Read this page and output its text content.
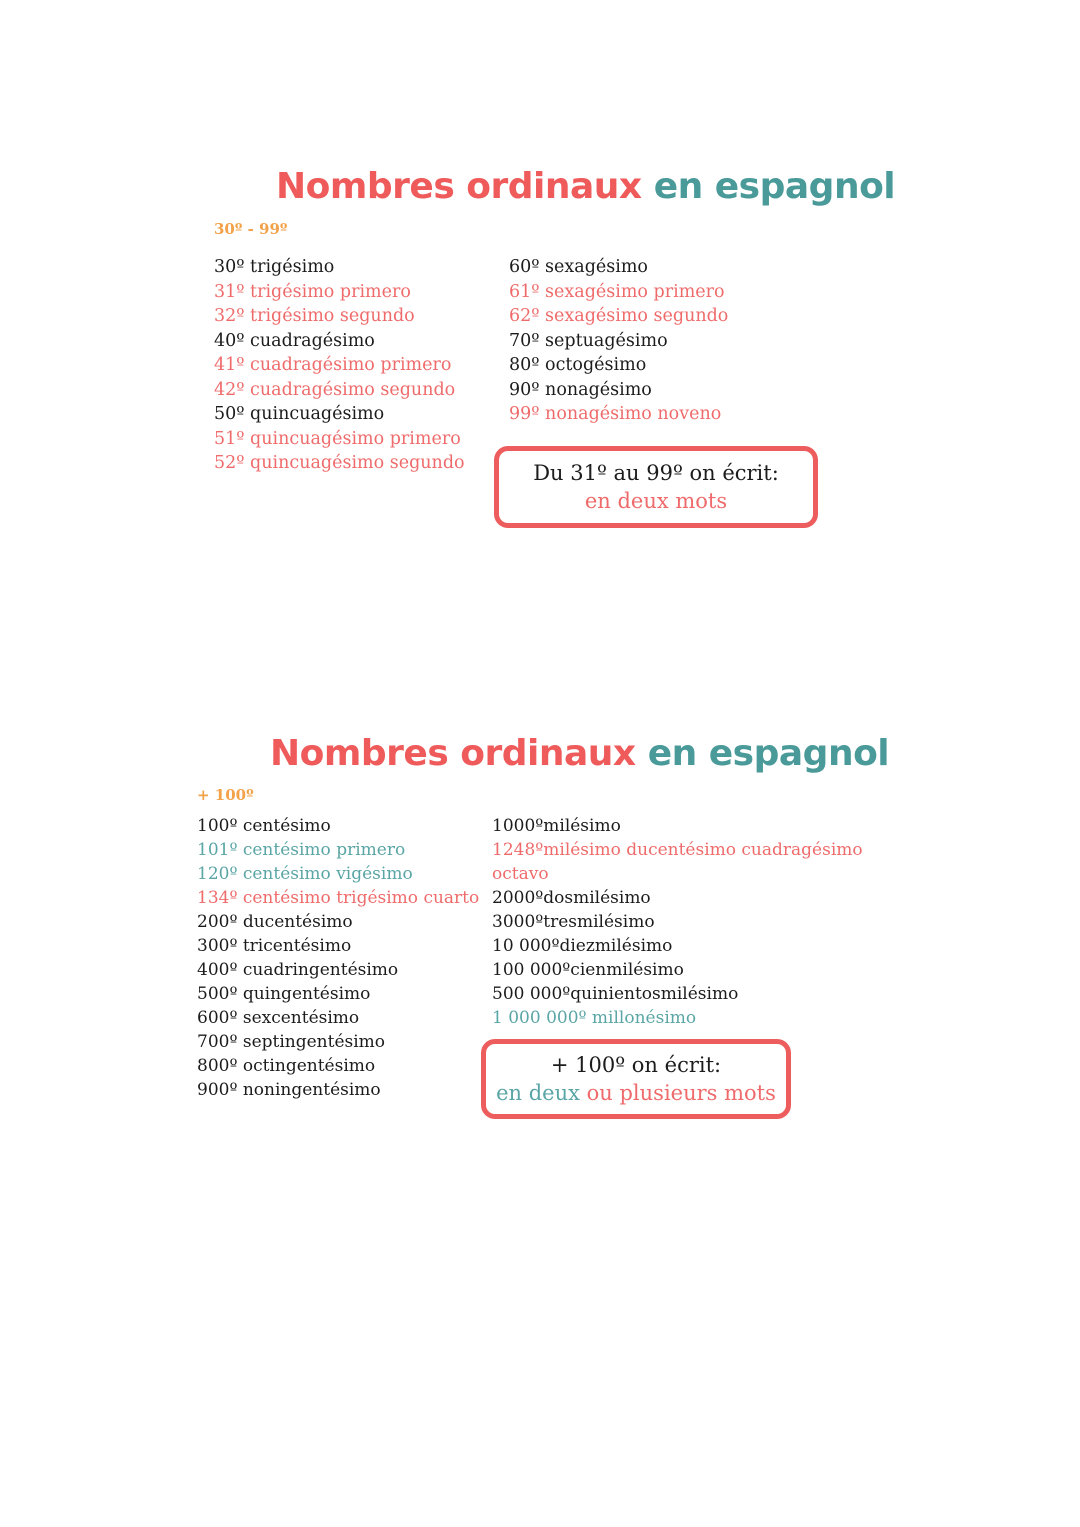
Nombres ordinaux en espagnol
30º - 99º
30º trigésimo
31º trigésimo primero
32º trigésimo segundo
40º cuadragésimo
41º cuadragésimo primero
42º cuadragésimo segundo
50º quincuagésimo
51º quincuagésimo primero
52º quincuagésimo segundo
60º sexagésimo
61º sexagésimo primero
62º sexagésimo segundo
70º septuagésimo
80º octogésimo
90º nonagésimo
99º nonagésimo noveno
Du 31º au 99º on écrit:
en deux mots
Nombres ordinaux en espagnol
+ 100º
100º centésimo
101º centésimo primero
120º centésimo vigésimo
134º centésimo trigésimo cuarto
200º ducentésimo
300º tricentésimo
400º cuadringentésimo
500º quingentésimo
600º sexcentésimo
700º septingentésimo
800º octingentésimo
900º noningentésimo
1000ºmilésimo
1248ºmilésimo ducentésimo cuadragésimo
octavo
2000ºdosmilésimo
3000ºtresmilésimo
10 000ºdiezmilésimo
100 000ºcienmilésimo
500 000ºquinientosmilésimo
1 000 000º millonésimo
+ 100º on écrit:
en deux ou plusieurs mots
